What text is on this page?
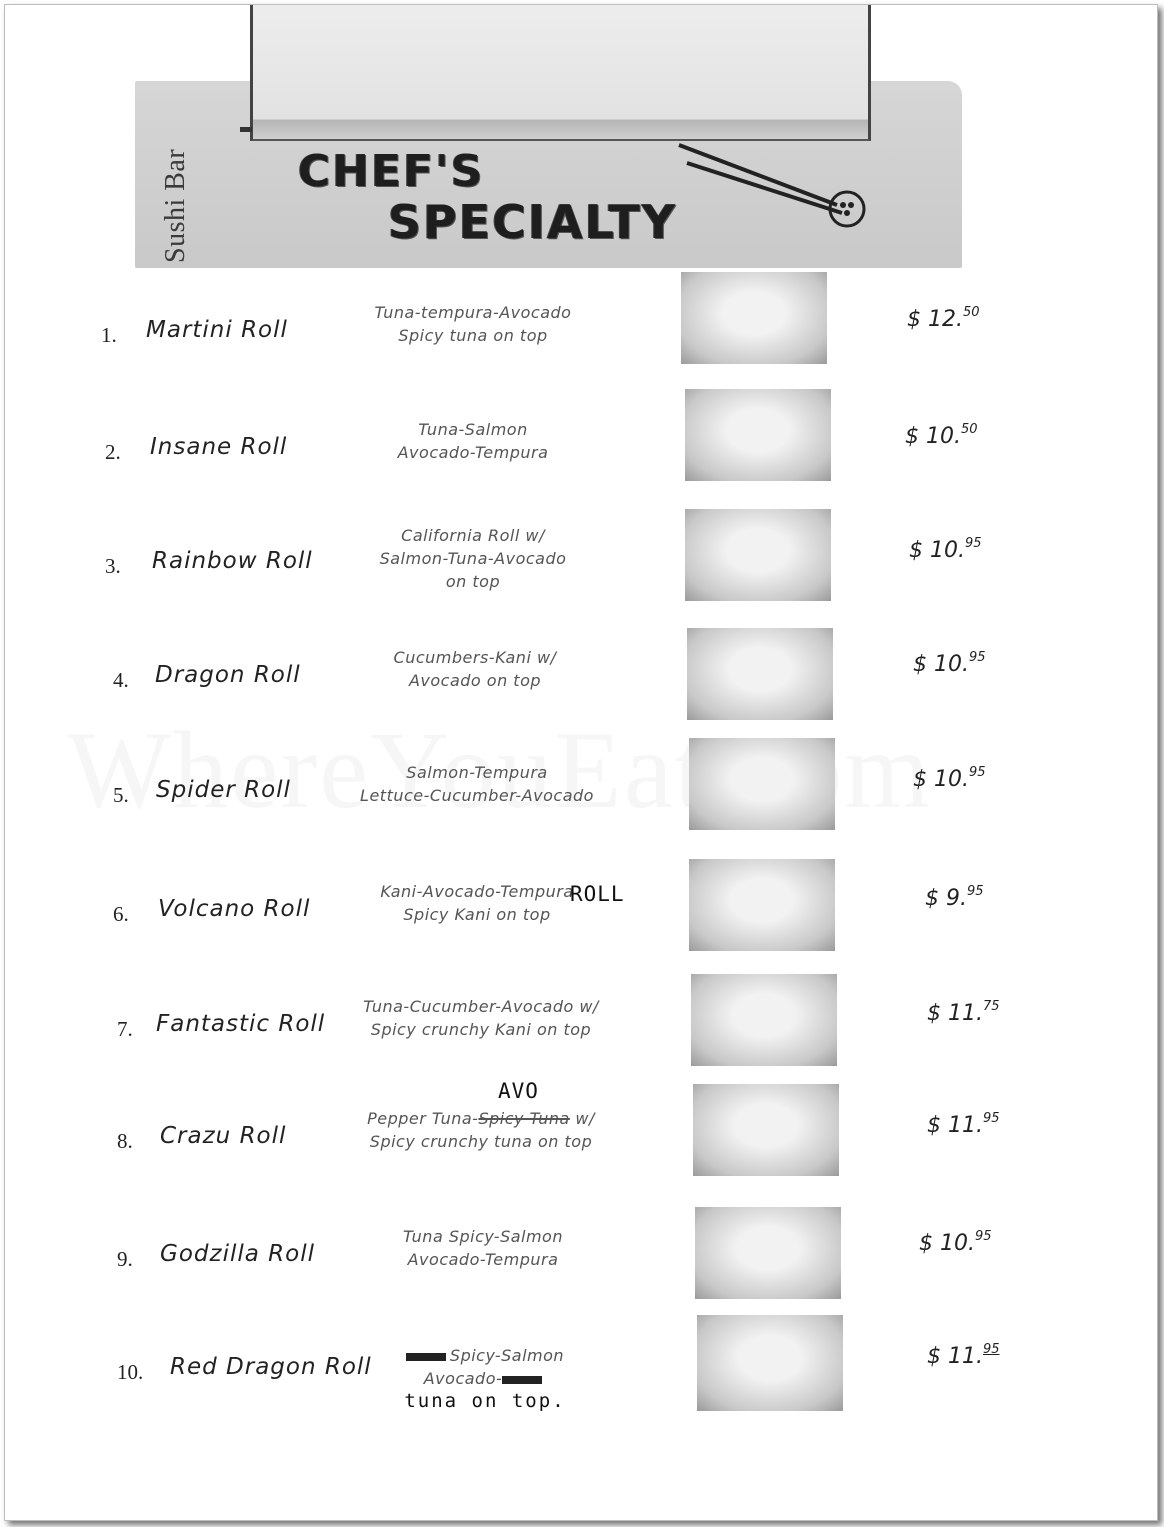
Sushi Bar CHEF'S
SPECIALTY
1. Martini Roll
Tuna-tempura-Avocado
Spicy tuna on top
$ 12.50
2. Insane Roll
Tuna-Salmon
Avocado-Tempura
$ 10.50
3. Rainbow Roll
California Roll w/
Salmon-Tuna-Avocado
on top
$ 10.95
4. Dragon Roll
Cucumbers-Kani w/
Avocado on top
$ 10.95
5. Spider Roll
Salmon-Tempura
Lettuce-Cucumber-Avocado
$ 10.95
6. Volcano Roll
Kani-Avocado-Tempura
Spicy Kani on top
ROLL	$ 9.95
7. Fantastic Roll
Tuna-Cucumber-Avocado w/
Spicy crunchy Kani on top
$ 11.75
8. Crazu Roll
AVO
Pepper Tuna-Spicy Tuna w/
Spicy crunchy tuna on top
$ 11.95
9. Godzilla Roll
Tuna Spicy-Salmon
Avocado-Tempura
$ 10.95
10. Red Dragon Roll	Spicy-Salmon
Avocado-
tuna on top.
$ 11.95
